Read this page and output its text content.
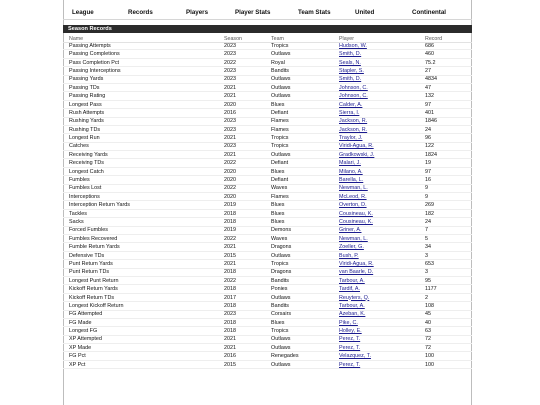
League	Records	Players	Player Stats	Team Stats	United	Continental
Season Records
Name	Season	Team	Player	Record
Passing Attempts	2023	Tropics	Hudson, W.	686
Passing Completions	2023	Outlaws	Smith, D.	460
Pass Completion Pct	2022	Royal	Seals, N.	75.2
Passing Interceptions	2023	Bandits	Stapler, S.	27
Passing Yards	2023	Outlaws	Smith, D.	4834
Passing TDs	2021	Outlaws	Johnson, C.	47
Passing Rating	2021	Outlaws	Johnson, C.	132
Longest Pass	2020	Blues	Calder, A.	97
Rush Attempts	2016	Defiant	Sierra, I.	401
Rushing Yards	2023	Flames	Jackson, R.	1846
Rushing TDs	2023	Flames	Jackson, R.	24
Longest Run	2021	Tropics	Traylor, J.	96
Catches	2023	Tropics	Viridi-Agua, R.	122
Receiving Yards	2021	Outlaws	Gradkowski, J.	1824
Receiving TDs	2022	Defiant	Malari, J.	19
Longest Catch	2020	Blues	Milano, A.	97
Fumbles	2020	Defiant	Barella, L.	16
Fumbles Lost	2022	Waves	Newman, L.	9
Interceptions	2020	Flames	McLeod, R.	9
Interception Return Yards	2019	Blues	Overton, D.	269
Tackles	2018	Blues	Cousineau, K.	182
Sacks	2018	Blues	Cousineau, K.	24
Forced Fumbles	2019	Demons	Griner, A.	7
Fumbles Recovered	2022	Waves	Newman, L.	5
Fumble Return Yards	2021	Dragons	Zoeller, G.	34
Defensive TDs	2015	Outlaws	Bush, P.	3
Punt Return Yards	2021	Tropics	Viridi-Agua, R.	653
Punt Return TDs	2018	Dragons	van Baarle, D.	3
Longest Punt Return	2022	Bandits	Tarbour, A.	95
Kickoff Return Yards	2018	Ponies	Tardif, A.	1177
Kickoff Return TDs	2017	Outlaws	Reuyters, Q.	2
Longest Kickoff Return	2018	Bandits	Tarbour, A.	108
FG Attempted	2023	Corsairs	Azeban, K.	45
FG Made	2018	Blues	Pike, C.	40
Longest FG	2018	Tropics	Holley, E.	63
XP Attempted	2021	Outlaws	Perez, T.	72
XP Made	2021	Outlaws	Perez, T.	72
FG Pct	2016	Renegades	Velazquez, T.	100
XP Pct	2015	Outlaws	Perez, T.	100
